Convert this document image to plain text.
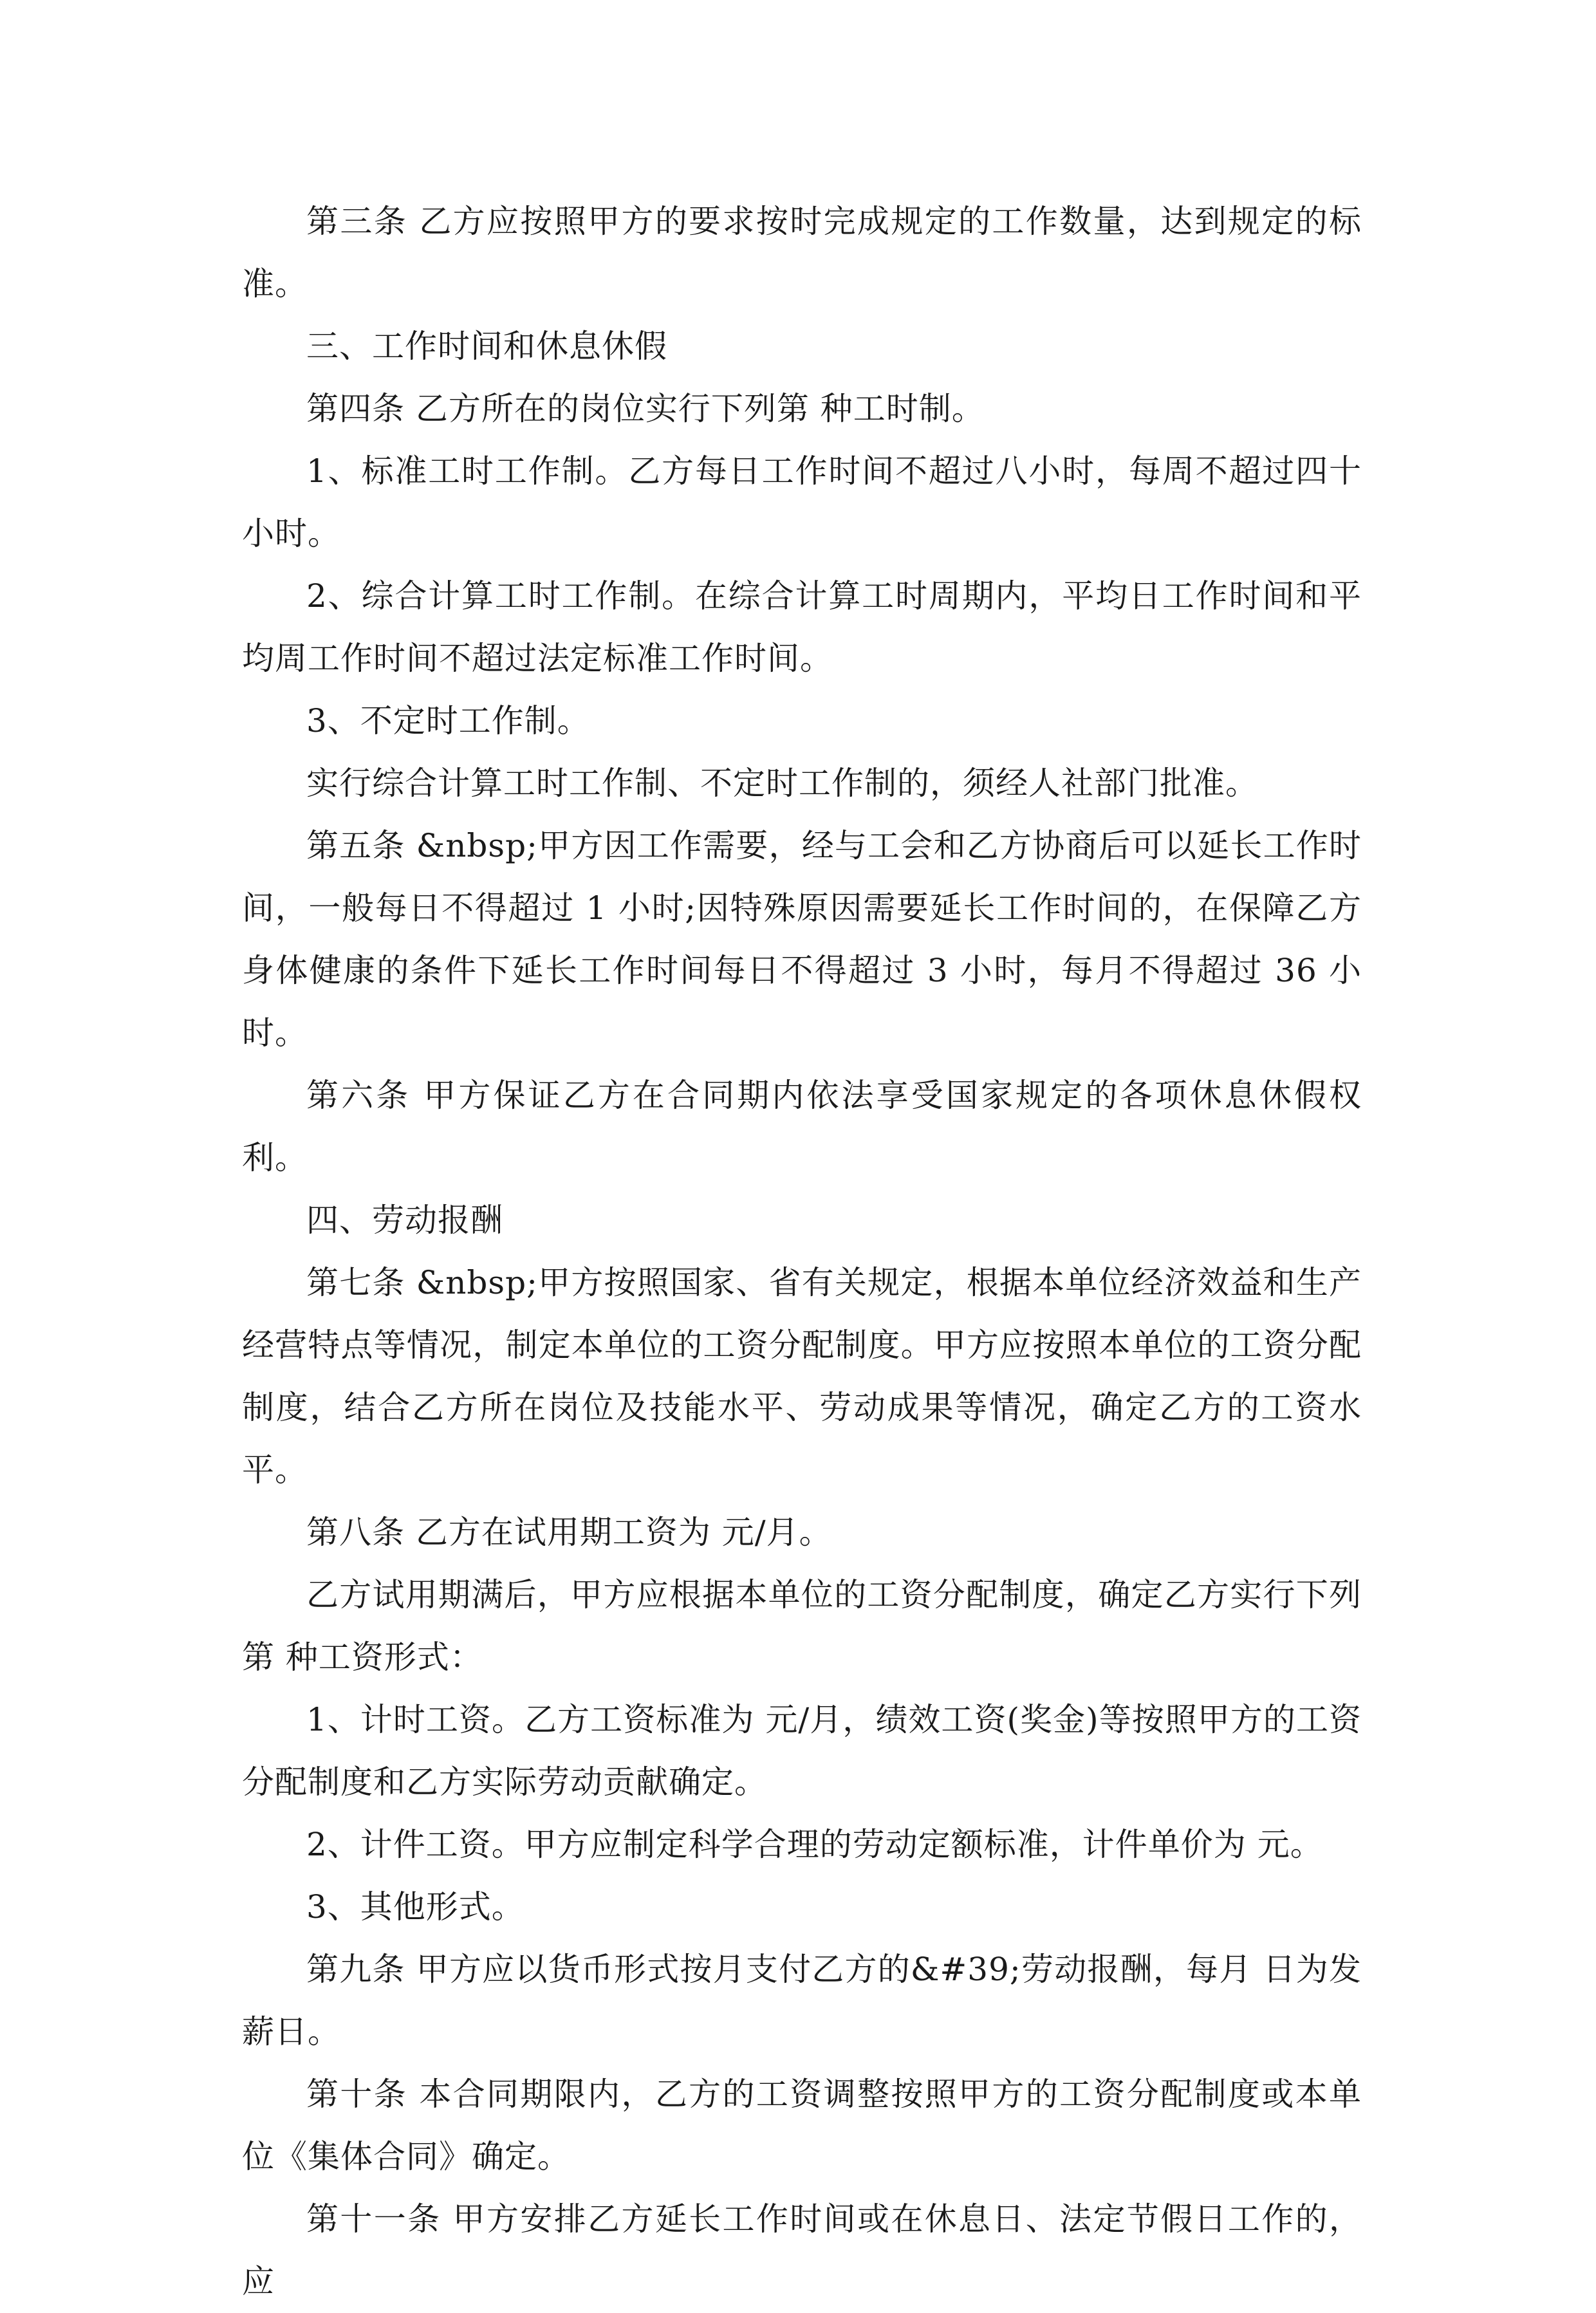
第三条 乙方应按照甲方的要求按时完成规定的工作数量，达到规定的标准。

三、工作时间和休息休假

第四条 乙方所在的岗位实行下列第 种工时制。

1、标准工时工作制。乙方每日工作时间不超过八小时，每周不超过四十小时。

2、综合计算工时工作制。在综合计算工时周期内，平均日工作时间和平均周工作时间不超过法定标准工作时间。

3、不定时工作制。

实行综合计算工时工作制、不定时工作制的，须经人社部门批准。

第五条 &nbsp;甲方因工作需要，经与工会和乙方协商后可以延长工作时间，一般每日不得超过 1 小时;因特殊原因需要延长工作时间的，在保障乙方身体健康的条件下延长工作时间每日不得超过 3 小时，每月不得超过 36 小时。

第六条 甲方保证乙方在合同期内依法享受国家规定的各项休息休假权利。

四、劳动报酬

第七条 &nbsp;甲方按照国家、省有关规定，根据本单位经济效益和生产经营特点等情况，制定本单位的工资分配制度。甲方应按照本单位的工资分配制度，结合乙方所在岗位及技能水平、劳动成果等情况，确定乙方的工资水平。

第八条 乙方在试用期工资为 元/月。

乙方试用期满后，甲方应根据本单位的工资分配制度，确定乙方实行下列第 种工资形式：

1、计时工资。乙方工资标准为 元/月，绩效工资(奖金)等按照甲方的工资分配制度和乙方实际劳动贡献确定。

2、计件工资。甲方应制定科学合理的劳动定额标准，计件单价为 元。

3、其他形式。

第九条 甲方应以货币形式按月支付乙方的&#39;劳动报酬，每月 日为发薪日。

第十条 本合同期限内，乙方的工资调整按照甲方的工资分配制度或本单位《集体合同》确定。

第十一条 甲方安排乙方延长工作时间或在休息日、法定节假日工作的，应
